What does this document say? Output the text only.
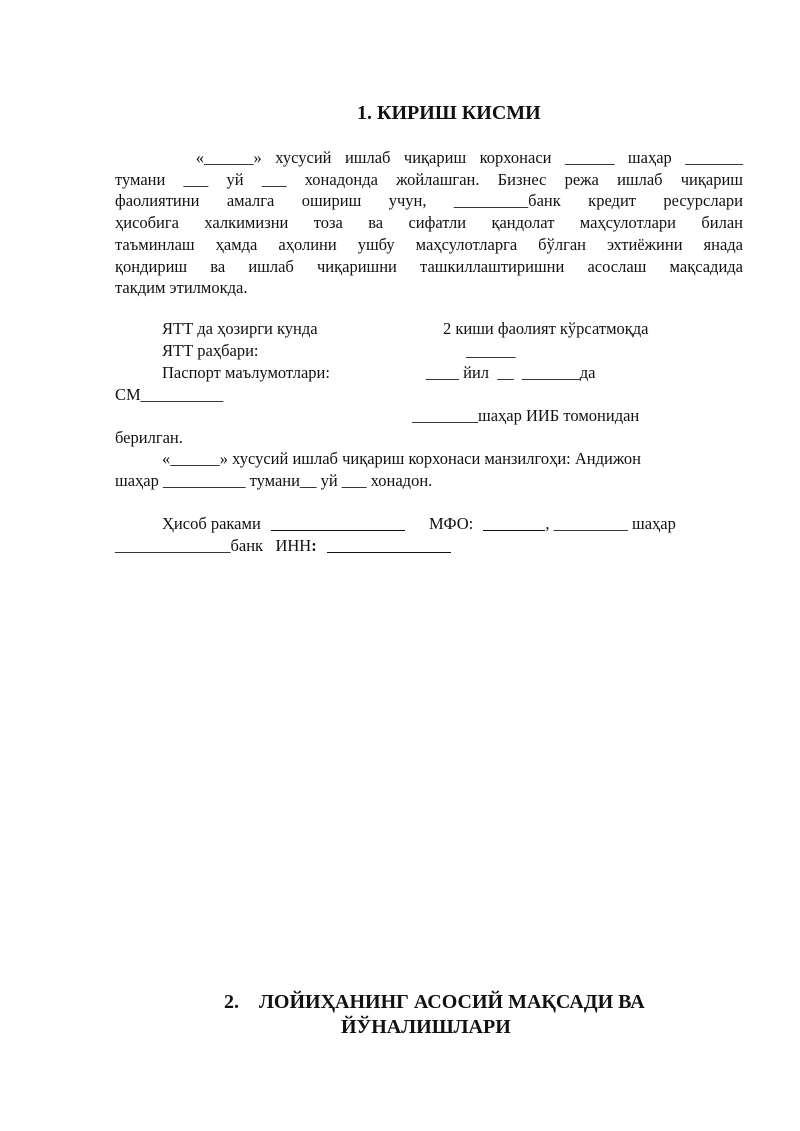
1. КИРИШ КИСМИ
«______» хусусий ишлаб чиқариш корхонаси ______ шаҳар _______
тумани ___ уй ___ хонадонда жойлашган. Бизнес режа ишлаб чиқариш
фаолиятини амалга ошириш учун, _________банк кредит ресурслари
ҳисобига халкимизни тоза ва сифатли қандолат маҳсулотлари билан
таъминлаш ҳамда аҳолини ушбу маҳсулотларга бўлган эхтиёжини янада
қондириш ва ишлаб чиқаришни ташкиллаштиришни асослаш мақсадида
такдим этилмокда.
ЯТТ да ҳозирги кунда	2 киши фаолият кўрсатмоқда
ЯТТ раҳбари:	______
Паспорт маълумотлари:	____ йил  __  _______да
СМ__________
________шаҳар ИИБ томонидан
берилган.
«______» хусусий ишлаб чиқариш корхонаси манзилгоҳи: Андижон
шаҳар __________ тумани__ уй ___ хонадон.
Ҳисоб раками	МФО:	, _________ шаҳар
______________банк   ИНН:
2.    ЛОЙИҲАНИНГ АСОСИЙ МАҚСАДИ ВА
ЙЎНАЛИШЛАРИ
